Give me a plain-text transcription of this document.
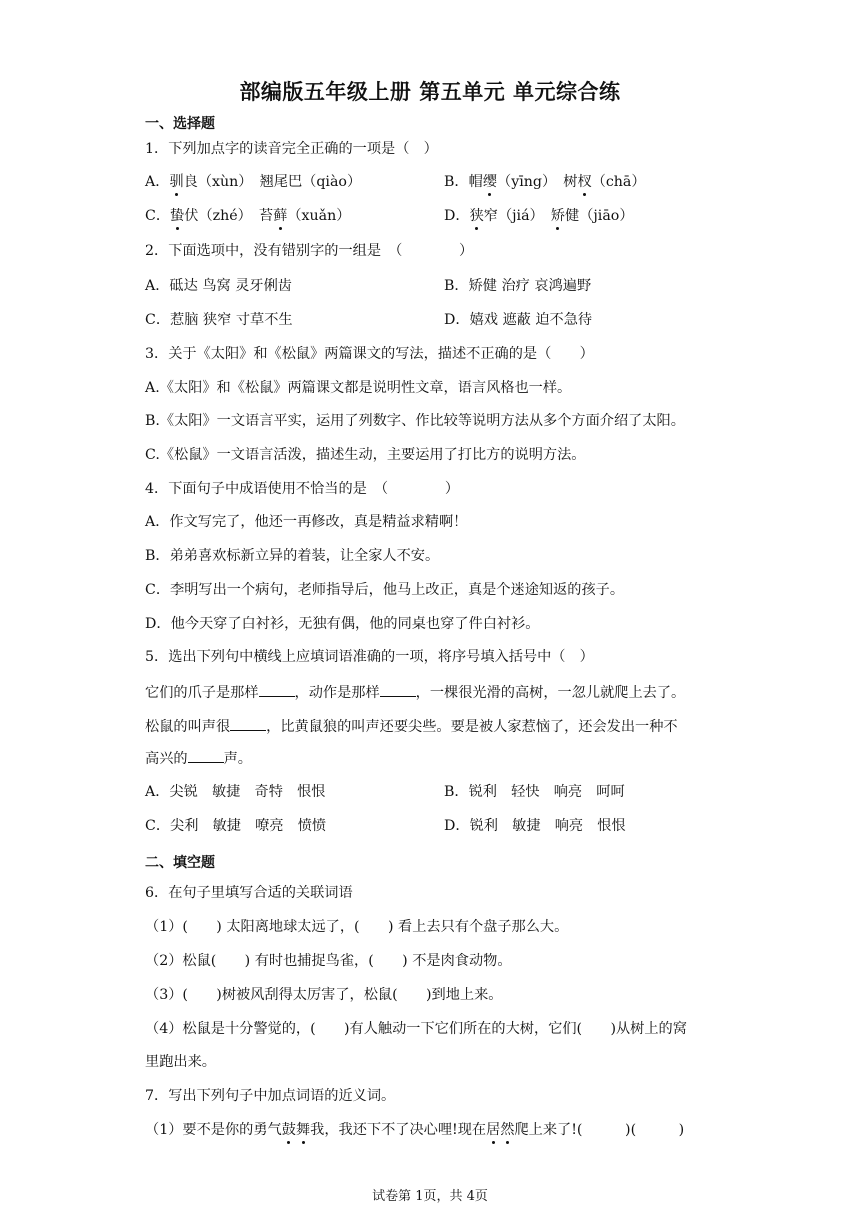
部编版五年级上册 第五单元 单元综合练
一、选择题
1．下列加点字的读音完全正确的一项是（　）
A．驯良（xùn）　翘尾巴（qiào）	B．帽缨（yīng）　树杈（chā）
C．蛰伏（zhé）　苔藓（xuǎn）	D．狭窄（jiá）　矫健（jiāo）
2．下面选项中，没有错别字的一组是　（　　　　）
A．砥达 鸟窝 灵牙俐齿	B．矫健 治疗 哀鸿遍野
C．惹脑 狭窄 寸草不生	D．嬉戏 遮蔽 迫不急待
3．关于《太阳》和《松鼠》两篇课文的写法，描述不正确的是（　　）
A.《太阳》和《松鼠》两篇课文都是说明性文章，语言风格也一样。
B.《太阳》一文语言平实，运用了列数字、作比较等说明方法从多个方面介绍了太阳。
C.《松鼠》一文语言活泼，描述生动，主要运用了打比方的说明方法。
4．下面句子中成语使用不恰当的是　（　　　　）
A．作文写完了，他还一再修改，真是精益求精啊！
B．弟弟喜欢标新立异的着装，让全家人不安。
C．李明写出一个病句，老师指导后，他马上改正，真是个迷途知返的孩子。
D．他今天穿了白衬衫，无独有偶，他的同桌也穿了件白衬衫。
5．选出下列句中横线上应填词语准确的一项，将序号填入括号中（　）
它们的爪子是那样	，动作是那样	，一棵很光滑的高树，一忽儿就爬上去了。
松鼠的叫声很	，比黄鼠狼的叫声还要尖些。要是被人家惹恼了，还会发出一种不
高兴的	声。
A．尖锐　敏捷　奇特　恨恨	B．锐利　轻快　响亮　呵呵
C．尖利　敏捷　嘹亮　愤愤	D．锐利　敏捷　响亮　恨恨
二、填空题
6．在句子里填写合适的关联词语
（1）(　　) 太阳离地球太远了，(　　) 看上去只有个盘子那么大。
（2）松鼠(　　) 有时也捕捉鸟雀，(　　) 不是肉食动物。
（3）(　　)树被风刮得太厉害了，松鼠(　　)到地上来。
（4）松鼠是十分警觉的，(　　)有人触动一下它们所在的大树，它们(　　)从树上的窝
里跑出来。
7．写出下列句子中加点词语的近义词。
（1）要不是你的勇气鼓舞我，我还下不了决心哩!现在居然爬上来了!(　　　)(　　　)
试卷第 1页，共 4页
